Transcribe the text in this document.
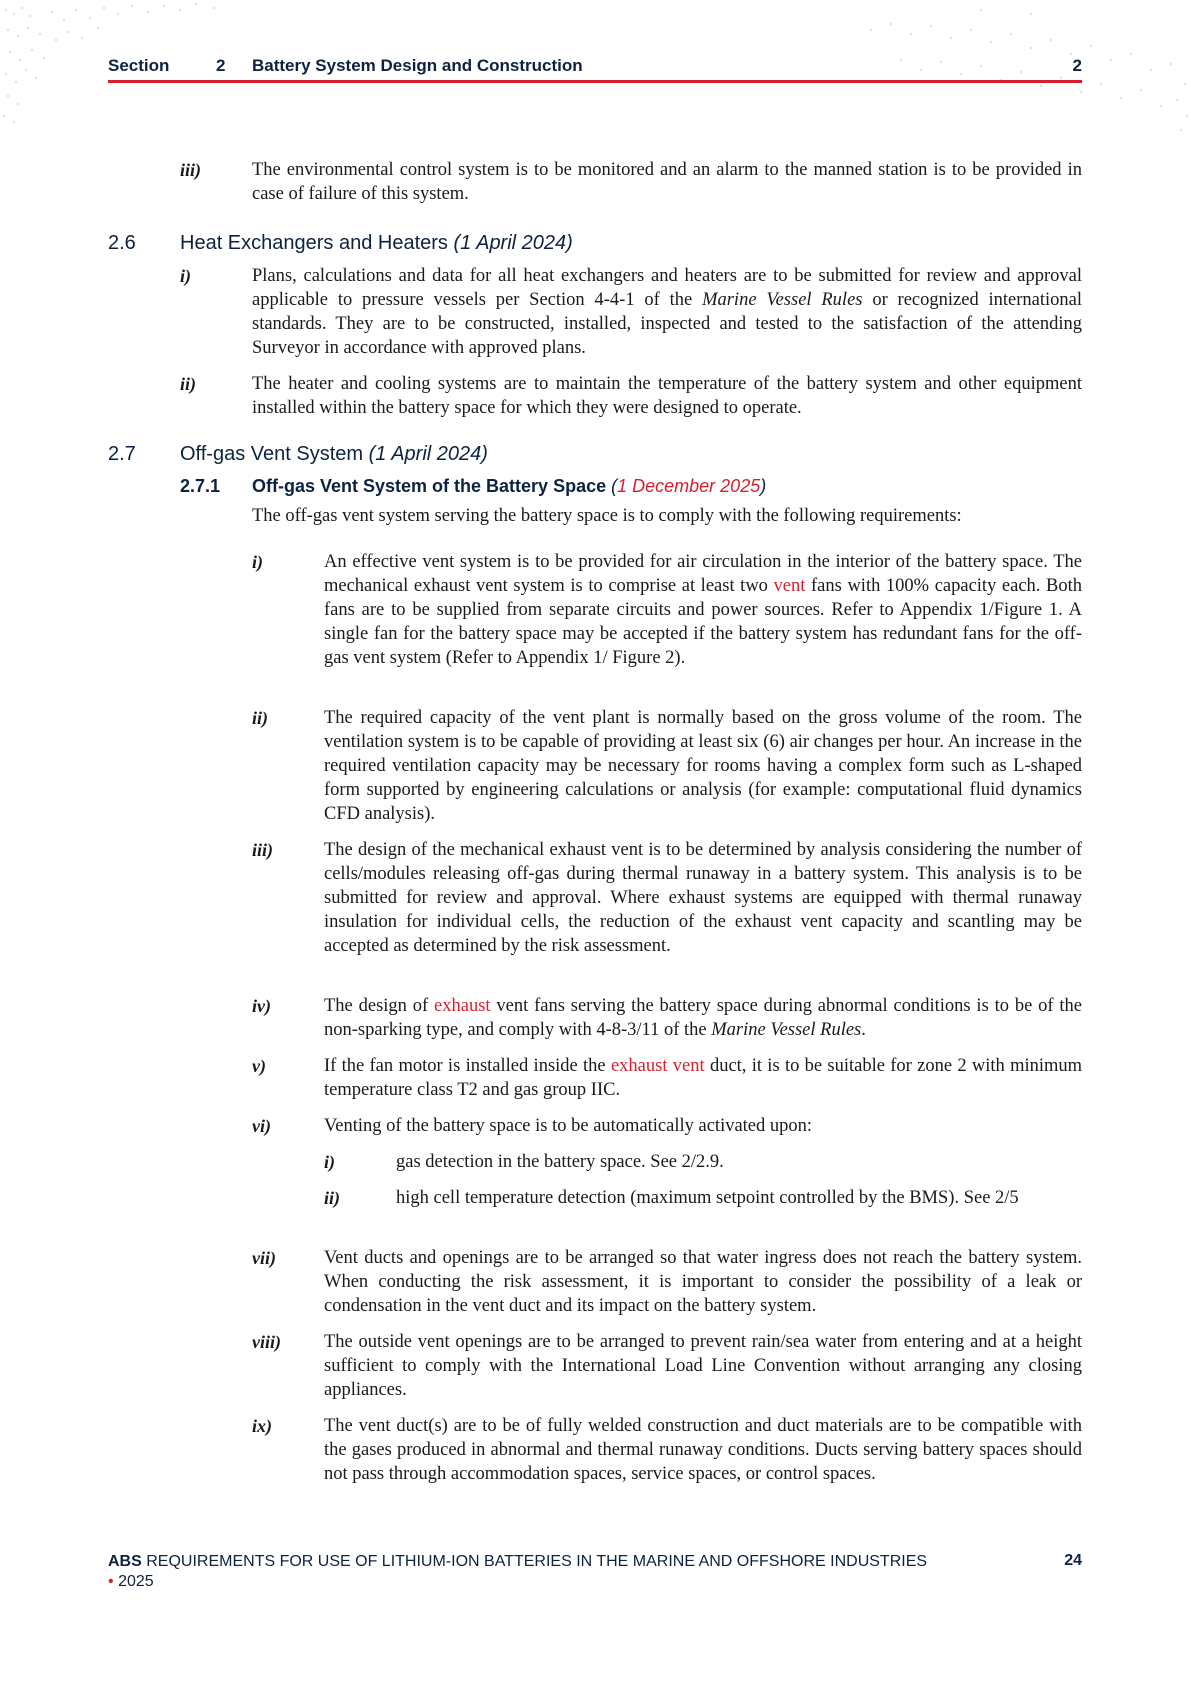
Section	2 Battery System Design and Construction	2
iii)	The environmental control system is to be monitored and an alarm to the manned station is to be provided in case of failure of this system.
2.6 Heat Exchangers and Heaters (1 April 2024)
i)	Plans, calculations and data for all heat exchangers and heaters are to be submitted for review and approval applicable to pressure vessels per Section 4-4-1 of the Marine Vessel Rules or recognized international standards. They are to be constructed, installed, inspected and tested to the satisfaction of the attending Surveyor in accordance with approved plans.
ii)	The heater and cooling systems are to maintain the temperature of the battery system and other equipment installed within the battery space for which they were designed to operate.
2.7 Off-gas Vent System (1 April 2024)
2.7.1 Off-gas Vent System of the Battery Space (1 December 2025)
The off-gas vent system serving the battery space is to comply with the following requirements:
i)	An effective vent system is to be provided for air circulation in the interior of the battery space. The mechanical exhaust vent system is to comprise at least two vent fans with 100% capacity each. Both fans are to be supplied from separate circuits and power sources. Refer to Appendix 1/Figure 1. A single fan for the battery space may be accepted if the battery system has redundant fans for the off-gas vent system (Refer to Appendix 1/ Figure 2).
ii)	The required capacity of the vent plant is normally based on the gross volume of the room. The ventilation system is to be capable of providing at least six (6) air changes per hour. An increase in the required ventilation capacity may be necessary for rooms having a complex form such as L-shaped form supported by engineering calculations or analysis (for example: computational fluid dynamics CFD analysis).
iii)	The design of the mechanical exhaust vent is to be determined by analysis considering the number of cells/modules releasing off-gas during thermal runaway in a battery system. This analysis is to be submitted for review and approval. Where exhaust systems are equipped with thermal runaway insulation for individual cells, the reduction of the exhaust vent capacity and scantling may be accepted as determined by the risk assessment.
iv)	The design of exhaust vent fans serving the battery space during abnormal conditions is to be of the non-sparking type, and comply with 4-8-3/11 of the Marine Vessel Rules.
v)	If the fan motor is installed inside the exhaust vent duct, it is to be suitable for zone 2 with minimum temperature class T2 and gas group IIC.
vi)	Venting of the battery space is to be automatically activated upon:
i)	gas detection in the battery space. See 2/2.9.
ii)	high cell temperature detection (maximum setpoint controlled by the BMS). See 2/5
vii)	Vent ducts and openings are to be arranged so that water ingress does not reach the battery system. When conducting the risk assessment, it is important to consider the possibility of a leak or condensation in the vent duct and its impact on the battery system.
viii) The outside vent openings are to be arranged to prevent rain/sea water from entering and at a height sufficient to comply with the International Load Line Convention without arranging any closing appliances.
ix)	The vent duct(s) are to be of fully welded construction and duct materials are to be compatible with the gases produced in abnormal and thermal runaway conditions. Ducts serving battery spaces should not pass through accommodation spaces, service spaces, or control spaces.
ABS REQUIREMENTS FOR USE OF LITHIUM-ION BATTERIES IN THE MARINE AND OFFSHORE INDUSTRIES • 2025
24
